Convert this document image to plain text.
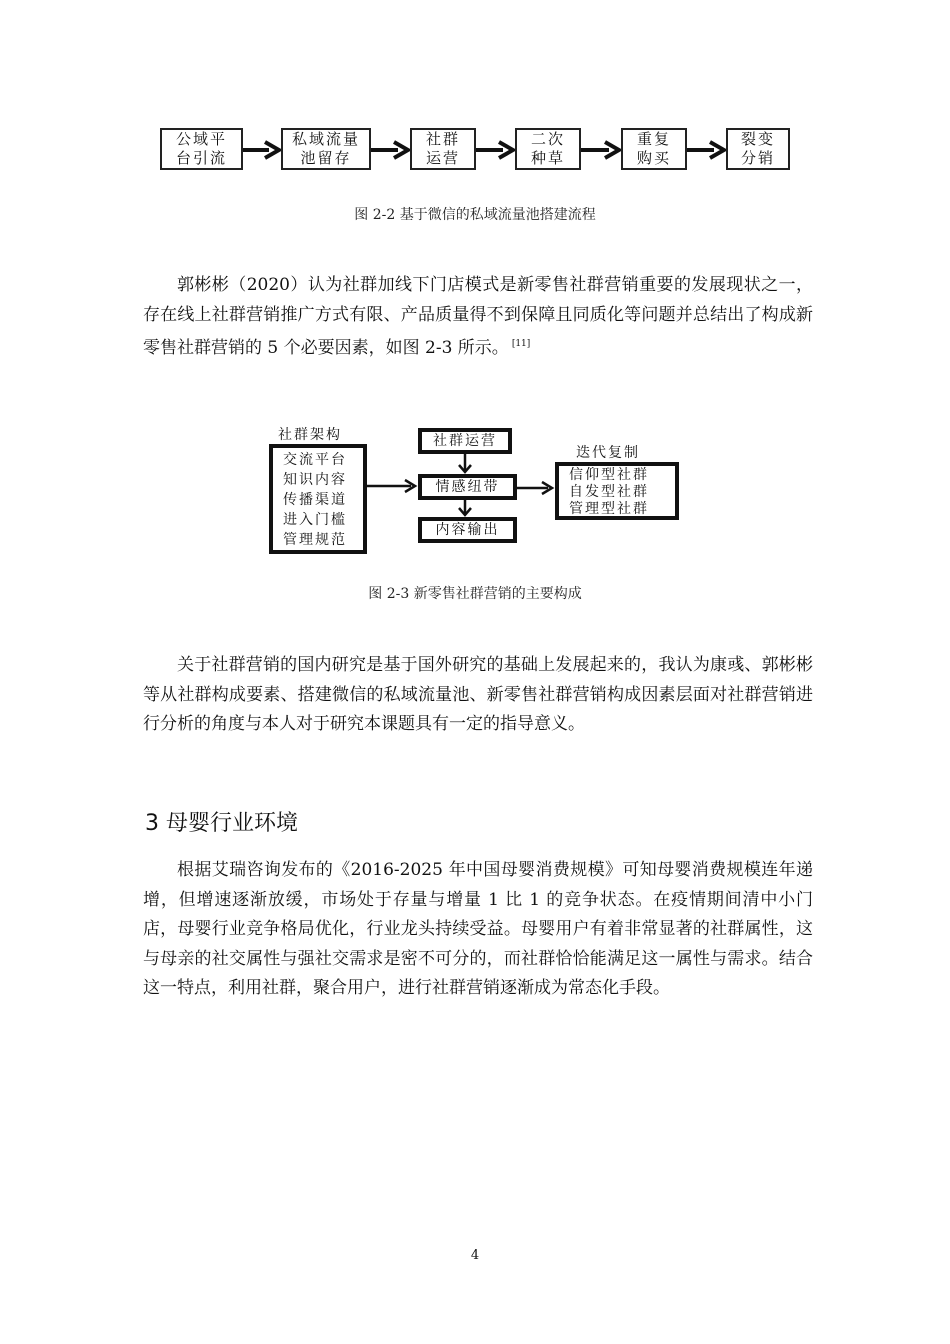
公域平
台引流
私域流量
池留存
社群
运营
二次
种草
重复
购买
裂变
分销
图 2-2 基于微信的私域流量池搭建流程

郭彬彬（2020）认为社群加线下门店模式是新零售社群营销重要的发展现状之一，存在线上社群营销推广方式有限、产品质量得不到保障且同质化等问题并总结出了构成新零售社群营销的 5 个必要因素，如图 2-3 所示。 [11]

社群架构
交流平台
知识内容
传播渠道
进入门槛
管理规范
社群运营
情感纽带
内容输出
迭代复制
信仰型社群
自发型社群
管理型社群
图 2-3 新零售社群营销的主要构成

关于社群营销的国内研究是基于国外研究的基础上发展起来的，我认为康彧、郭彬彬等从社群构成要素、搭建微信的私域流量池、新零售社群营销构成因素层面对社群营销进行分析的角度与本人对于研究本课题具有一定的指导意义。

3 母婴行业环境

根据艾瑞咨询发布的《2016-2025 年中国母婴消费规模》可知母婴消费规模连年递增，但增速逐渐放缓，市场处于存量与增量 1 比 1 的竞争状态。在疫情期间清中小门店，母婴行业竞争格局优化，行业龙头持续受益。母婴用户有着非常显著的社群属性，这与母亲的社交属性与强社交需求是密不可分的，而社群恰恰能满足这一属性与需求。结合这一特点，利用社群，聚合用户，进行社群营销逐渐成为常态化手段。

4
